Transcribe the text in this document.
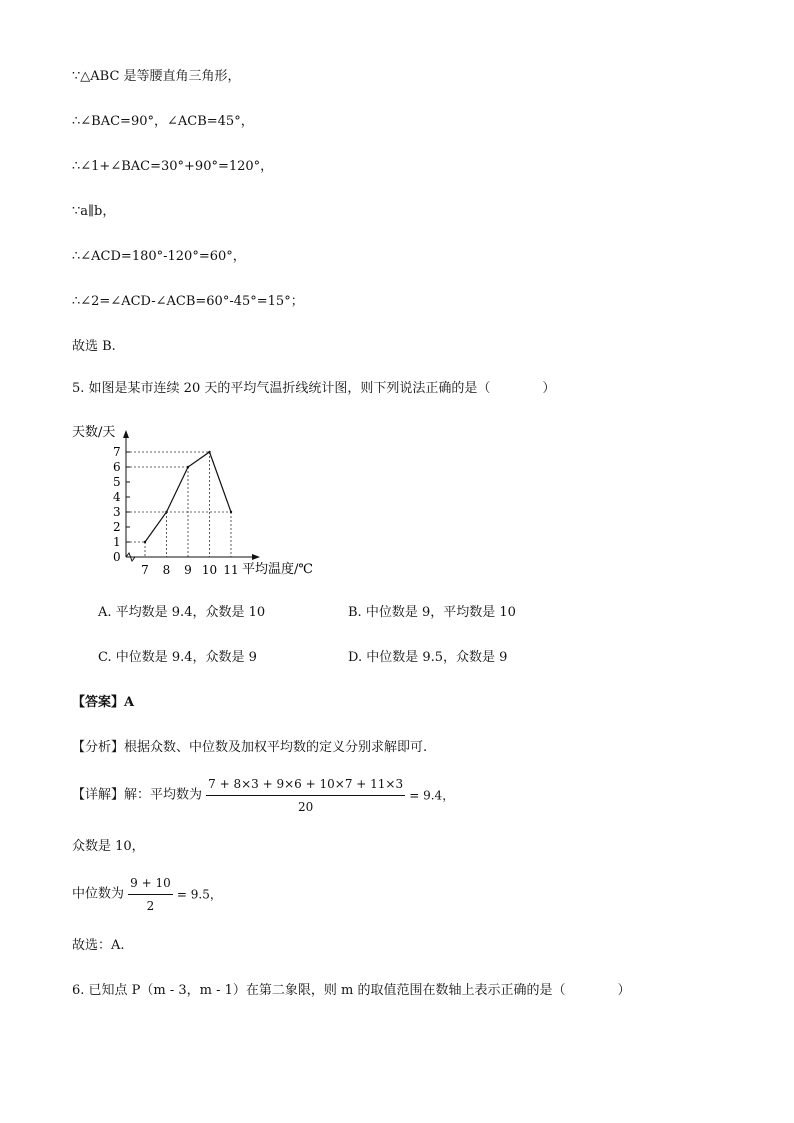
∵△ABC 是等腰直角三角形，
∴∠BAC=90°，∠ACB=45°，
∴∠1+∠BAC=30°+90°=120°，
∵a∥b，
∴∠ACD=180°-120°=60°，
∴∠2=∠ACD-∠ACB=60°-45°=15°；
故选 B.
5. 如图是某市连续 20 天的平均气温折线统计图，则下列说法正确的是（　　　　）
0
1
2
3
4
5
6
7
7 8 9 10 11
天数/天
平均温度/℃
A. 平均数是 9.4，众数是 10	B. 中位数是 9，平均数是 10
C. 中位数是 9.4，众数是 9	D. 中位数是 9.5，众数是 9
【答案】A
【分析】根据众数、中位数及加权平均数的定义分别求解即可.
【详解】解：平均数为 $\frac{7 + 8\times 3 + 9\times 6 + 10\times 7 + 11\times 3}{20} = 9.4$，
众数是 10，
中位数为 $\frac{9 + 10}{2} = 9.5$，
故选：A.
6. 已知点 P（m - 3，m - 1）在第二象限，则 m 的取值范围在数轴上表示正确的是（　　　　）
